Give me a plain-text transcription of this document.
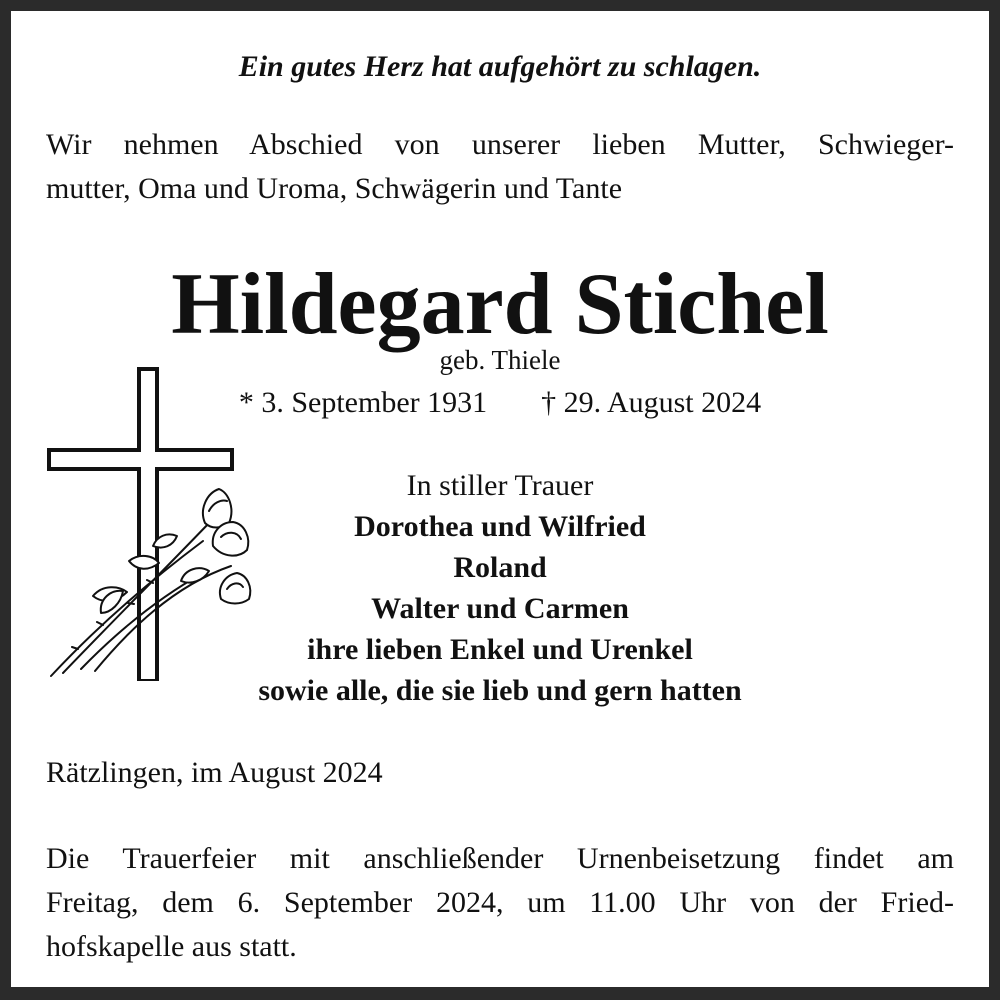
Ein gutes Herz hat aufgehört zu schlagen.
Wir nehmen Abschied von unserer lieben Mutter, Schwieger-
mutter, Oma und Uroma, Schwägerin und Tante
Hildegard Stichel
geb. Thiele
* 3. September 1931 † 29. August 2024
In stiller Trauer
Dorothea und Wilfried
Roland
Walter und Carmen
ihre lieben Enkel und Urenkel
sowie alle, die sie lieb und gern hatten
Rätzlingen, im August 2024
Die Trauerfeier mit anschließender Urnenbeisetzung findet am
Freitag, dem 6. September 2024, um 11.00 Uhr von der Fried-
hofskapelle aus statt.
